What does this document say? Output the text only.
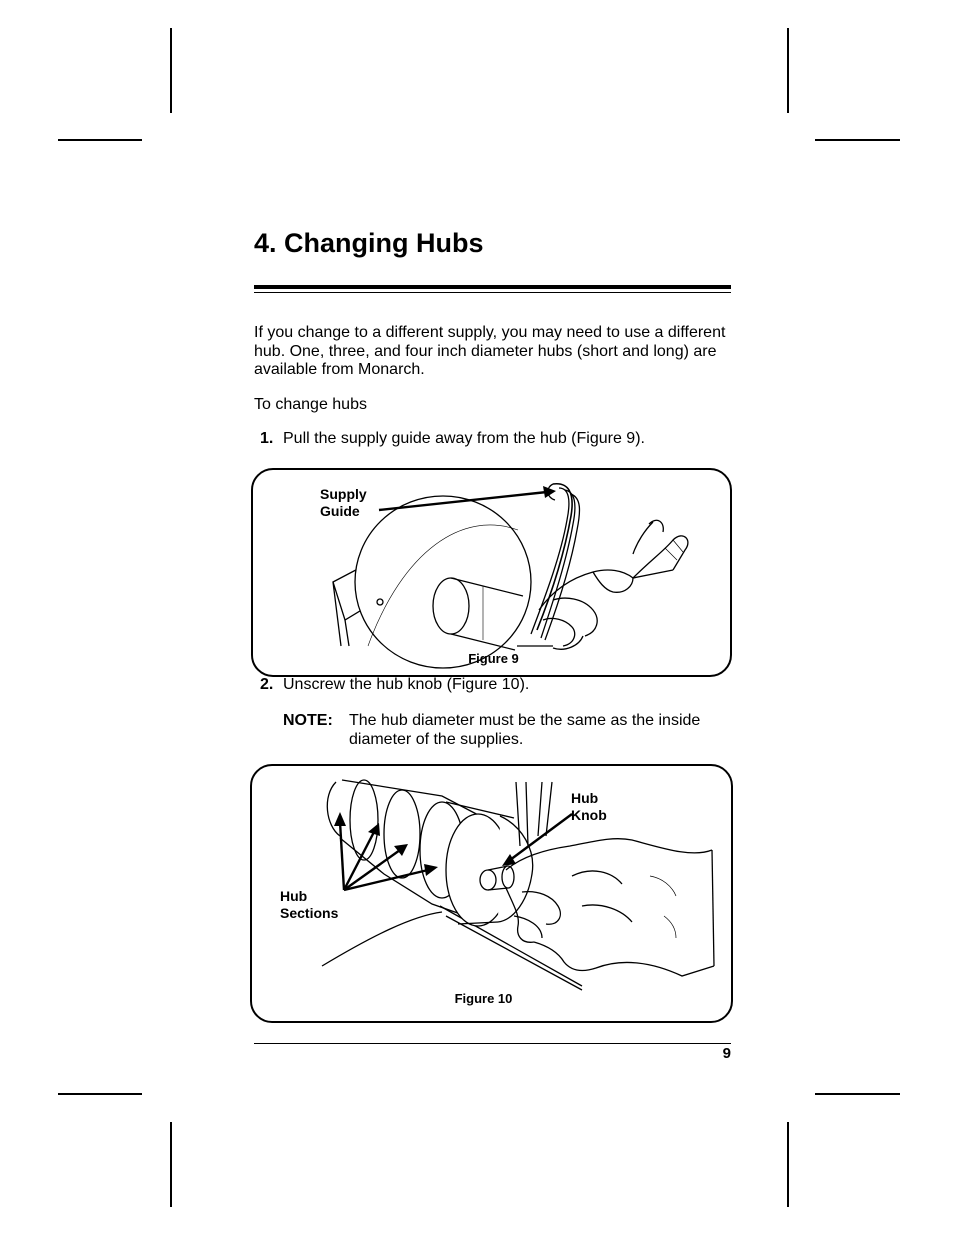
4. Changing Hubs

If you change to a different supply, you may need to use a different hub. One, three, and four inch diameter hubs (short and long) are available from Monarch.

To change hubs

1. Pull the supply guide away from the hub (Figure 9).
Supply
Guide
Figure 9
2. Unscrew the hub knob (Figure 10).
NOTE: The hub diameter must be the same as the inside diameter of the supplies.
Hub
Knob
Hub
Sections
Figure 10
9
